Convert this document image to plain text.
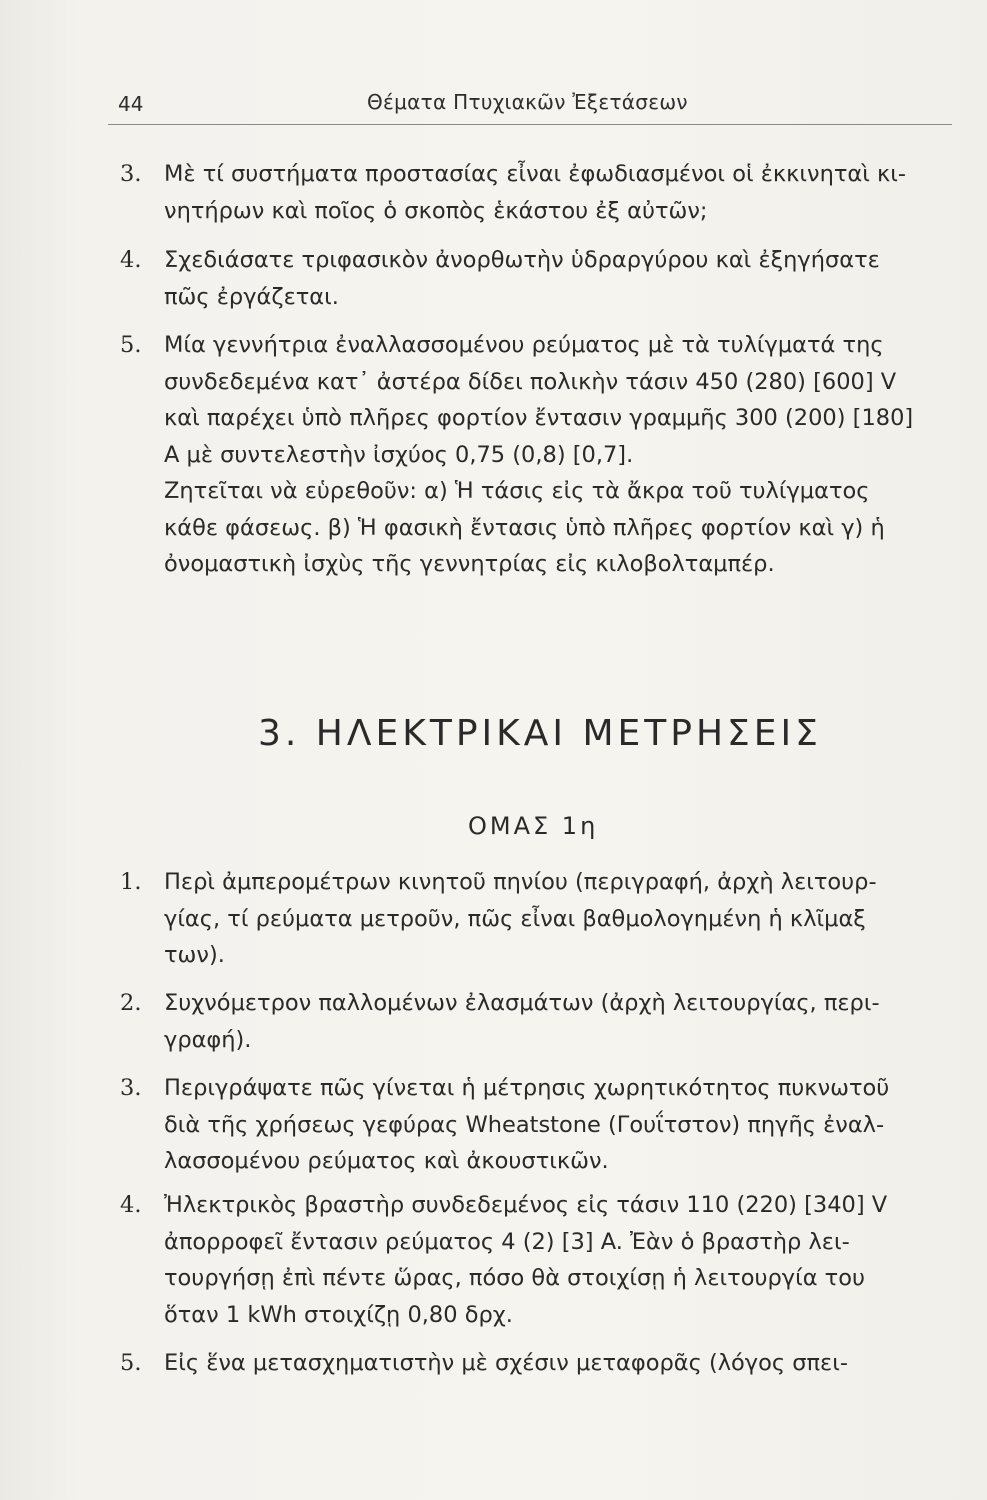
44	Θέματα Πτυχιακῶν Ἐξετάσεων
3.	Μὲ τί συστήματα προστασίας εἶναι ἐφωδιασμένοι οἱ ἐκκινηταὶ κι-

νητήρων καὶ ποῖος ὁ σκοπὸς ἑκάστου ἐξ αὐτῶν;

4.	Σχεδιάσατε τριφασικὸν ἀνορθωτὴν ὑδραργύρου καὶ ἐξηγήσατε

πῶς ἐργάζεται.

5.	Μία γεννήτρια ἐναλλασσομένου ρεύματος μὲ τὰ τυλίγματά της

συνδεδεμένα κατ᾽ ἀστέρα δίδει πολικὴν τάσιν 450 (280) [600] V

καὶ παρέχει ὑπὸ πλῆρες φορτίον ἔντασιν γραμμῆς 300 (200) [180]

A μὲ συντελεστὴν ἰσχύος 0,75 (0,8) [0,7].

Ζητεῖται νὰ εὑρεθοῦν: α) Ἡ τάσις εἰς τὰ ἄκρα τοῦ τυλίγματος

κάθε φάσεως. β) Ἡ φασικὴ ἔντασις ὑπὸ πλῆρες φορτίον καὶ γ) ἡ

ὀνομαστικὴ ἰσχὺς τῆς γεννητρίας εἰς κιλοβολταμπέρ.

3. ΗΛΕΚΤΡΙΚΑΙ ΜΕΤΡΗΣΕΙΣ
ΟΜΑΣ 1η
1.	Περὶ ἀμπερομέτρων κινητοῦ πηνίου (περιγραφή, ἀρχὴ λειτουρ-

γίας, τί ρεύματα μετροῦν, πῶς εἶναι βαθμολογημένη ἡ κλῖμαξ

των).

2.	Συχνόμετρον παλλομένων ἐλασμάτων (ἀρχὴ λειτουργίας, περι-

γραφή).

3.	Περιγράψατε πῶς γίνεται ἡ μέτρησις χωρητικότητος πυκνωτοῦ

διὰ τῆς χρήσεως γεφύρας Wheatstone (Γουΐτστον) πηγῆς ἐναλ-

λασσομένου ρεύματος καὶ ἀκουστικῶν.

4.	Ἠλεκτρικὸς βραστὴρ συνδεδεμένος εἰς τάσιν 110 (220) [340] V

ἀπορροφεῖ ἔντασιν ρεύματος 4 (2) [3] A. Ἐὰν ὁ βραστὴρ λει-

τουργήσῃ ἐπὶ πέντε ὥρας, πόσο θὰ στοιχίσῃ ἡ λειτουργία του

ὅταν 1 kWh στοιχίζῃ 0,80 δρχ.

5.	Εἰς ἕνα μετασχηματιστὴν μὲ σχέσιν μεταφορᾶς (λόγος σπει-
